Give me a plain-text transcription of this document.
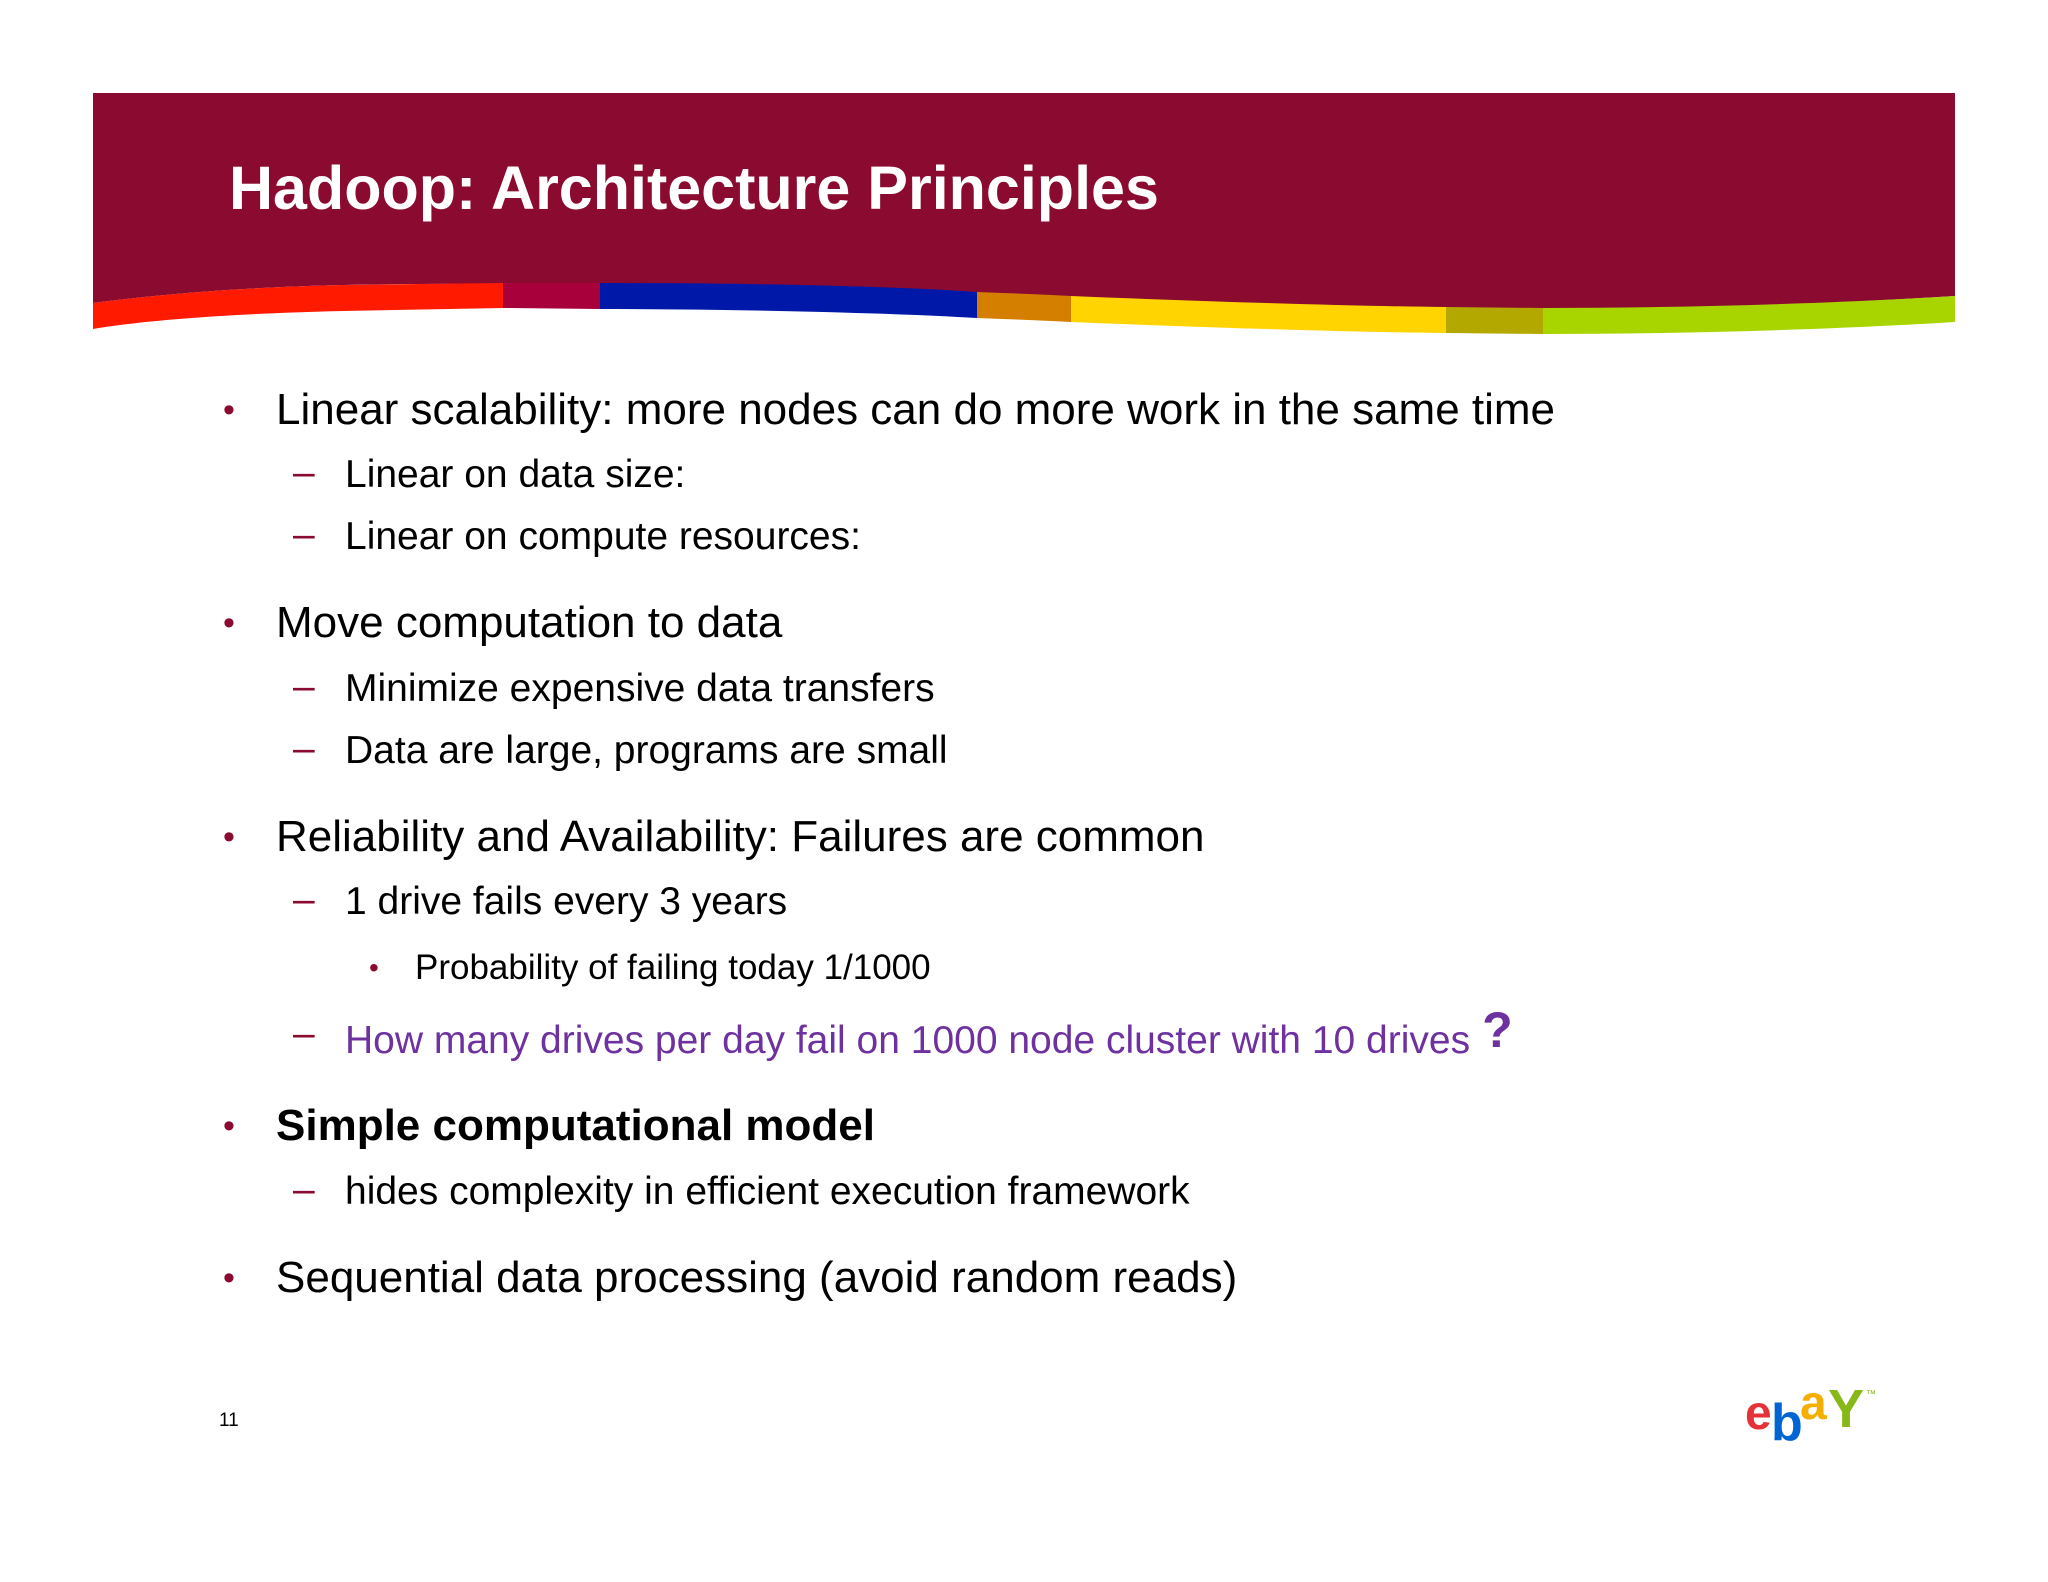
Hadoop: Architecture Principles
• Linear scalability: more nodes can do more work in the same time
– Linear on data size:
– Linear on compute resources:
• Move computation to data
– Minimize expensive data transfers
– Data are large, programs are small
• Reliability and Availability: Failures are common
– 1 drive fails every 3 years
• Probability of failing today 1/1000
– How many drives per day fail on 1000 node cluster with 10 drives ?
• Simple computational model
– hides complexity in efficient execution framework
• Sequential data processing (avoid random reads)
11	e b
a Y ™
